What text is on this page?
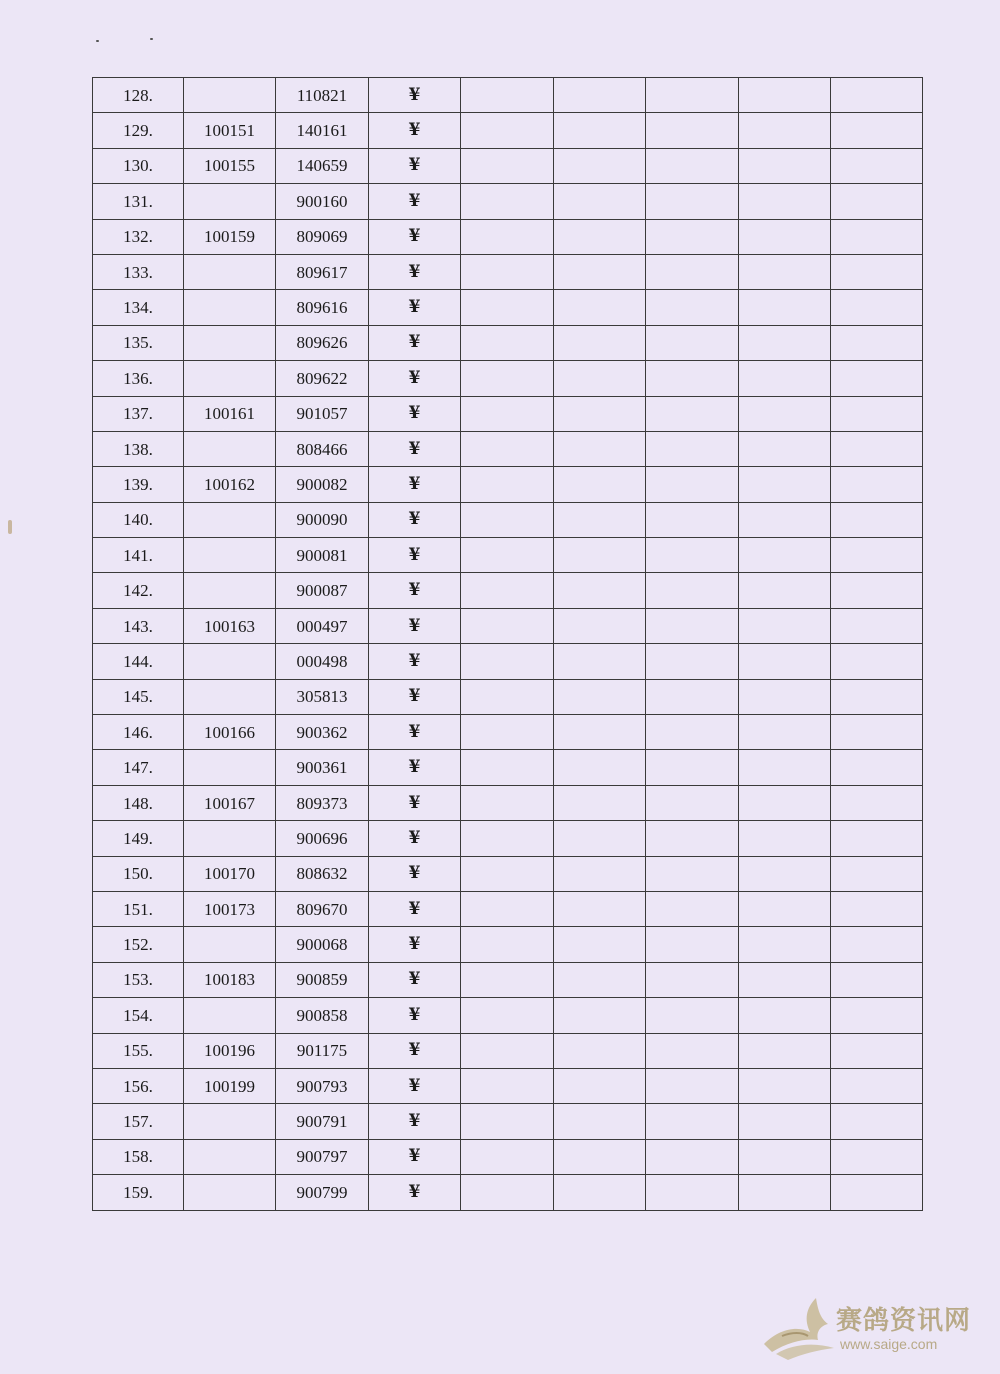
128.		110821	¥					
129.	100151	140161	¥					
130.	100155	140659	¥					
131.		900160	¥					
132.	100159	809069	¥					
133.		809617	¥					
134.		809616	¥					
135.		809626	¥					
136.		809622	¥					
137.	100161	901057	¥					
138.		808466	¥					
139.	100162	900082	¥					
140.		900090	¥					
141.		900081	¥					
142.		900087	¥					
143.	100163	000497	¥					
144.		000498	¥					
145.		305813	¥					
146.	100166	900362	¥					
147.		900361	¥					
148.	100167	809373	¥					
149.		900696	¥					
150.	100170	808632	¥					
151.	100173	809670	¥					
152.		900068	¥					
153.	100183	900859	¥					
154.		900858	¥					
155.	100196	901175	¥					
156.	100199	900793	¥					
157.		900791	¥					
158.		900797	¥					
159.		900799	¥					
赛鸽资讯网
www.saige.com
